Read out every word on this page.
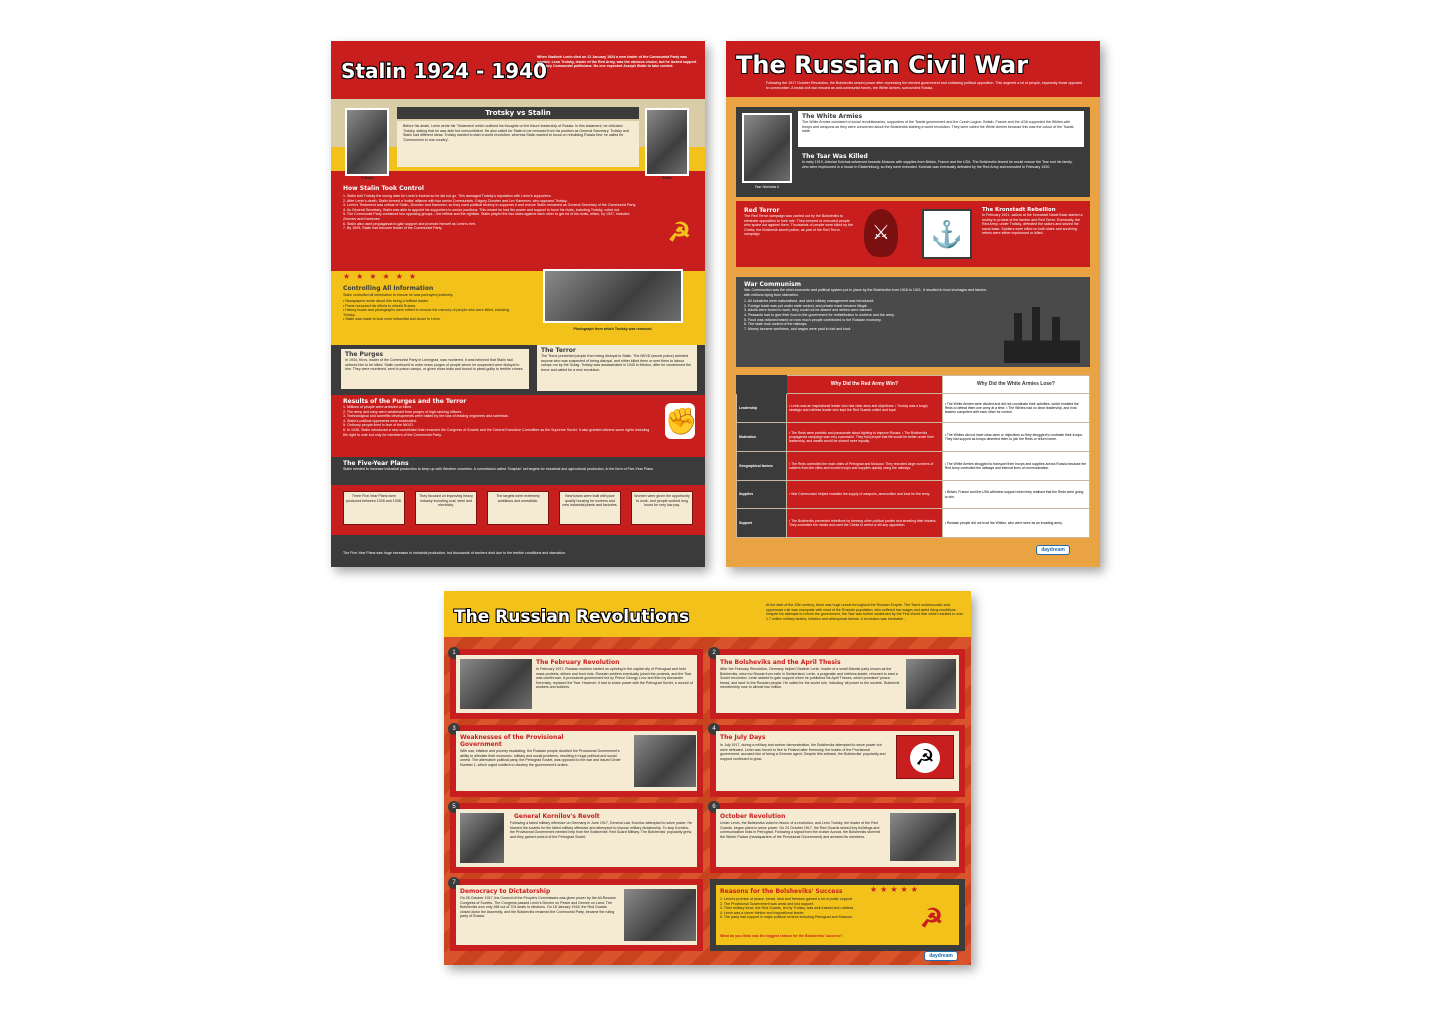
Stalin 1924 - 1940
When Vladimir Lenin died on 21 January 1924 a new leader of the Communist Party was needed. Leon Trotsky, leader of the Red Army, was the obvious choice, but he lacked support from key Communist politicians. No one expected Joseph Stalin to take control.
Trotsky	Stalin
Trotsky vs Stalin
Before his death, Lenin wrote his 'Testament' which outlined his thoughts on the future leadership of Russia. In this testament, he criticised Trotsky, stating that he was able but overconfident. He also called for Stalin to be removed from his position as General Secretary. Trotsky and Stalin had different ideas. Trotsky wanted to start a world revolution, whereas Stalin wanted to focus on rebuilding Russia first; he called for 'Communism in one country'.
How Stalin Took Control
1. Stalin told Trotsky the wrong date for Lenin's funeral so he did not go. This damaged Trotsky's reputation with Lenin's supporters.
2. After Lenin's death, Stalin formed a 'troika' alliance with two senior Communists, Grigory Zinoviev and Lev Kamenev, who opposed Trotsky.
3. Lenin's Testament was critical of Stalin, Zinoviev and Kamenev, so they used political trickery to suppress it and ensure Stalin remained as General Secretary of the Communist Party.
4. As General Secretary, Stalin was able to appoint his supporters to senior positions. This meant he had the power and support to force his rivals, including Trotsky, voted out.
5. The Communist Party contained two opposing groups – the leftists and the rightists. Stalin played the two sides against each other to get rid of his rivals, which, by 1927, included Zinoviev and Kamenev.
6. Stalin also used propaganda to gain support and promote himself as Lenin's heir.
7. By 1929, Stalin had become leader of the Communist Party.	☭
★★★★★★
Controlling All Information
Stalin controlled all information to ensure he was portrayed positively.
• Newspapers wrote about him being a brilliant leader.
• Poets honoured his efforts to rebuild Russia.
• History books and photographs were edited to remove the memory of people who were killed, including Trotsky.
• Stalin was made to look more influential and closer to Lenin.
Photograph from which Trotsky was removed.
The Purges
In 1934, Kirov, leader of the Communist Party in Leningrad, was murdered. It was believed that Stalin had ordered him to be killed. Stalin continued to order mass purges of people whom he suspected were disloyal to him. They were murdered, sent to prison camps, or given show trials and forced to plead guilty to terrible crimes.
The Terror
The Terror prevented people from being disloyal to Stalin. The NKVD (secret police) arrested anyone who was suspected of being disloyal, and either killed them or sent them to labour camps run by the Gulag. Trotsky was assassinated in 1940 in Mexico, after he condemned the terror and called for a new revolution.
Results of the Purges and the Terror
1. Millions of people were arrested or killed.
2. The army and navy were weakened from purges of high-ranking officers.
3. Technological and scientific developments were halted by the loss of leading engineers and scientists.
4. Stalin's political opponents were eradicated.
5. Ordinary people lived in fear of the NKVD.
6. In 1936, Stalin introduced a new constitution that renamed the Congress of Soviets and the Central Executive Committee as the Supreme Soviet. It also granted citizens some rights including the right to vote but only for members of the Communist Party.	✊
The Five-Year Plans
Stalin needed to increase industrial production to keep up with Western countries. A commission called 'Gosplan' set targets for industrial and agricultural production, in the form of Five-Year Plans.
Three Five-Year Plans were produced between 1928 and 1938.
They focused on improving heavy industry including coal, steel and electricity.
The targets were extremely ambitious and unrealistic.
New towns were built with poor quality housing for workers and new industrial plants and factories.
Women were given the opportunity to work, and people worked long hours for very low pay.
The Five-Year Plans saw huge increases in industrial production, but thousands of workers died due to the terrible conditions and starvation.
The Russian Civil War
Following the 1917 October Revolution, the Bolsheviks seized power after repressing the elected government and outlawing political opposition. This angered a lot of people, especially those opposed to communism. A brutal civil war ensued as anti-communist forces, the White Armies, surrounded Russia.
Tsar Nicholas II
The White Armies
The White Armies consisted of social revolutionaries, supporters of the Tsarist government and the Czech Legion. Britain, France and the USA supported the Whites with troops and weapons as they were concerned about the Bolsheviks starting a world revolution. They were called the White Armies because this was the colour of the Tsarist state.
The Tsar Was Killed
In early 1919, Admiral Kolchak advanced towards Moscow with supplies from Britain, France and the USA. The Bolsheviks feared he would rescue the Tsar and his family, who were imprisoned in a house in Ekaterinburg, so they were executed. Kolchak was eventually defeated by the Red Army and executed in February 1920.
Red Terror
The Red Terror campaign was carried out by the Bolsheviks to eliminate opposition to their rule. They tortured or executed people who spoke out against them. Thousands of people were killed by the Cheka, the Bolshevik secret police, as part of the Red Terror campaign.	⚔	⚓
The Kronstadt Rebellion
In February 1921, sailors at the Kronstadt Naval Base started a mutiny in protest of the famine and Red Terror. Eventually, the Red Army, under Trotsky, defeated the sailors and seized the naval base. Soldiers were killed on both sides and surviving rebels were either imprisoned or killed.
War Communism
War Communism was the strict economic and political system put in place by the Bolsheviks from 1918 to 1921. It resulted in food shortages and famine, with millions dying from starvation.
1. All industries were nationalised, and strict military management was introduced.
2. Foreign trade was put under state control, and private trade became illegal.
3. Adults were forced to work, they could not be absent and strikes were banned.
4. Peasants had to give their food to the government for redistribution to workers and the army.
5. Food was rationed based on how much people contributed to the Russian economy.
6. The state took control of the railways.
7. Money became worthless, and wages were paid in fuel and food.
	Why Did the Red Army Win?	Why Did the White Armies Lose?
Leadership	• Lenin was an inspirational leader who had clear aims and objectives. • Trotsky was a tough, strategic and ruthless leader who kept the Red Guards united and loyal.	• The White Armies were divided and did not coordinate their activities, which enabled the Reds to defeat them one army at a time. • The Whites had no clear leadership, and rival leaders competed with each other for control.
Motivation	• The Reds were patriotic and passionate about fighting to improve Russia. • The Bolsheviks propaganda campaign was very successful. They told people that life would be better under their leadership, and wealth would be shared more equally.	• The Whites did not have clear aims or objectives so they struggled to motivate their troops. They lost support as troops deserted them to join the Reds or return home.
Geographical factors	• The Reds controlled the main cities of Petrograd and Moscow. They recruited large numbers of soldiers from the cities and moved troops and supplies quickly using the railways.	• The White Armies struggled to transport their troops and supplies across Russia because the Red Army controlled the railways and internal lines of communication.
Supplies	• War Communism helped maintain the supply of weapons, ammunition and food for the army.	• Britain, France and the USA withdrew support when they realised that the Reds were going to win.
Support	• The Bolsheviks prevented rebellions by banning other political parties and arresting their leaders. They controlled the media and used the Cheka to arrest or kill any opposition.	• Russian people did not trust the Whites, who were seen as an invading army.
daydream
The Russian Revolutions
At the start of the 20th century, there was huge unrest throughout the Russian Empire. The Tsar's undemocratic and oppressive rule was unpopular with most of the Russian population, who suffered low wages and awful living conditions. Despite his attempts to reform the government, the Tsar was further weakened by the First World War which resulted in over 1.7 million military deaths, inflation and widespread famine. A revolution was inevitable...
1
The February Revolution
In February 1917, Russian workers started an uprising in the capital city of Petrograd and held mass protests, strikes and food riots. Russian soldiers eventually joined the protests, and the Tsar was overthrown. A provisional government led by Prince Georgy Lvov and then by Alexander Kerensky, replaced the Tsar. However, it had to share power with the Petrograd Soviet, a council of workers and soldiers.
2
The Bolsheviks and the April Thesis
After the February Revolution, Germany helped Vladimir Lenin, leader of a small Marxist party known as the Bolsheviks, return to Russia from exile in Switzerland. Lenin, a pragmatic and ruthless leader, returned to start a Soviet revolution. Lenin started to gain support when he published his April Theses, which promised 'peace, bread, and land' to the Russian people. He called for the soviet rule, including 'all power to the soviets'. Bolshevik membership rose to almost two million.
3
Weaknesses of the Provisional Government
With war, inflation and poverty escalating, the Russian people doubted the Provisional Government's ability to alleviate their economic, military and social problems, resulting in huge political and social unrest. The alternative political party, the Petrograd Soviet, was opposed to the war and issued Order Number 1, which urged soldiers to disobey the government's orders.
4
The July Days
In July 1917, during a military and worker demonstration, the Bolsheviks attempted to seize power but were defeated. Lenin was forced to flee to Finland after Kerensky, the leader of the Provisional government, accused him of being a German agent. Despite this setback, the Bolsheviks' popularity and support continued to grow.	☭
5
General Kornilov's Revolt
Following a failed military offensive on Germany in June 1917, General Lavr Kornilov attempted to seize power. He blamed the soviets for the failed military offensive and attempted to impose military dictatorship. To stop Kornilov, the Provisional Government needed help from the Bolsheviks' Red Guard Military. The Bolsheviks' popularity grew, and they gained control of the Petrograd Soviet.
6
October Revolution
Under Lenin, the Bolsheviks voted in favour of a revolution, and Leon Trotsky, the leader of the Red Guards, began plans to seize power. On 24 October 1917, the Red Guards seized key buildings and communication links in Petrograd. Following a signal from the cruiser Aurora, the Bolsheviks stormed the Winter Palace (headquarters of the Provisional Government) and arrested its members.
7
Democracy to Dictatorship
On 26 October 1917, the Council of the People's Commissars was given power by the All-Russian Congress of Soviets. The Congress passed Lenin's Decree on Peace and Decree on Land. The Bolsheviks won only 168 out of 703 seats in elections. On 18 January 1918, the Red Guards closed down the Assembly, and the Bolsheviks renamed the Communist Party, became the ruling party of Russia.
Reasons for the Bolsheviks' Success	★★★★★
1. Lenin's promise of peace, bread, land and freedom gained a lot of public support.
2. The Provisional Government was weak and lost support.
3. Their military force, the Red Guards, led by Trotsky, was well-trained and ruthless.
4. Lenin was a clever thinker and inspirational leader.
5. The party had support in major political centres including Petrograd and Moscow.
What do you think was the biggest reason for the Bolsheviks' success?
☭
daydream
